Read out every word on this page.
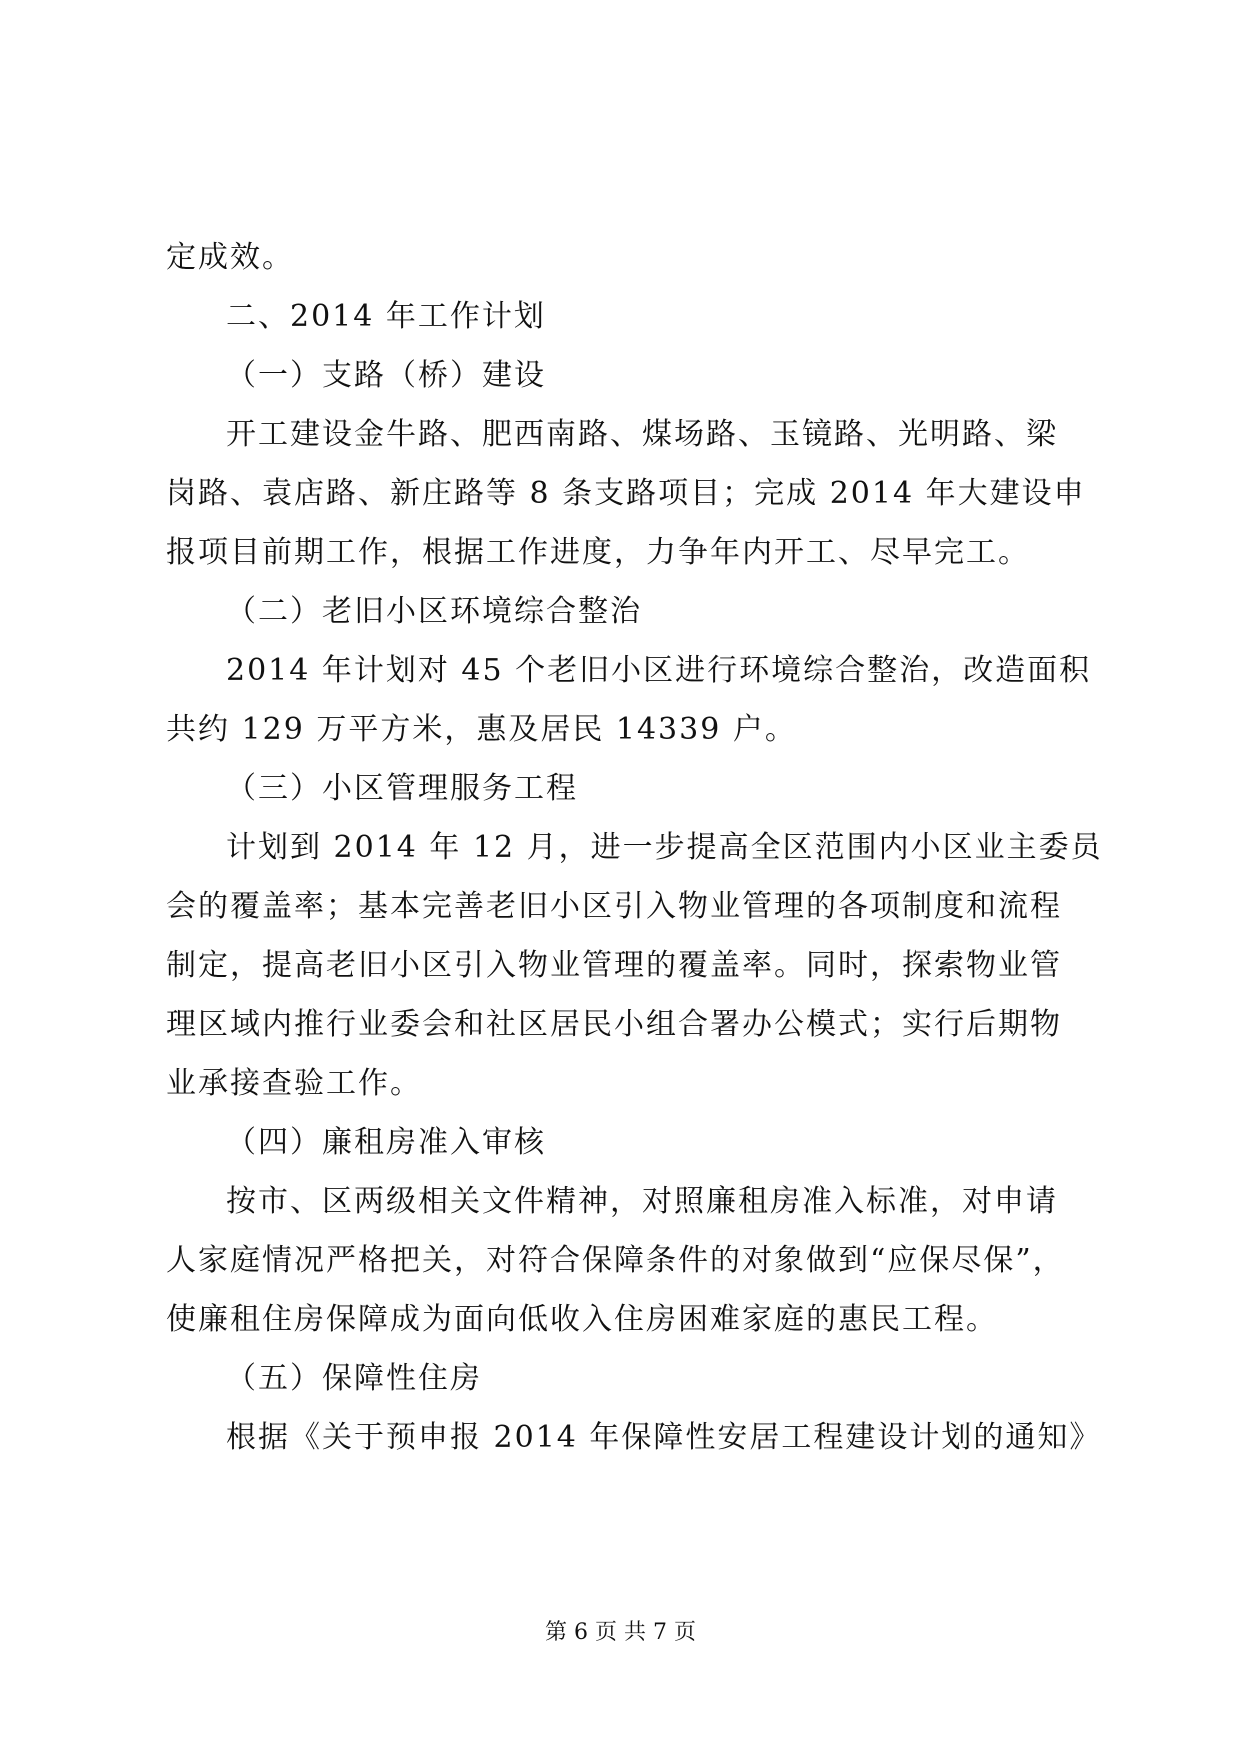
定成效。
二、2014 年工作计划
（一）支路（桥）建设
开工建设金牛路、肥西南路、煤场路、玉镜路、光明路、梁
岗路、袁店路、新庄路等 8 条支路项目；完成 2014 年大建设申
报项目前期工作，根据工作进度，力争年内开工、尽早完工。
（二）老旧小区环境综合整治
2014 年计划对 45 个老旧小区进行环境综合整治，改造面积
共约 129 万平方米，惠及居民 14339 户。
（三）小区管理服务工程
计划到 2014 年 12 月，进一步提高全区范围内小区业主委员
会的覆盖率；基本完善老旧小区引入物业管理的各项制度和流程
制定，提高老旧小区引入物业管理的覆盖率。同时，探索物业管
理区域内推行业委会和社区居民小组合署办公模式；实行后期物
业承接查验工作。
（四）廉租房准入审核
按市、区两级相关文件精神，对照廉租房准入标准，对申请
人家庭情况严格把关，对符合保障条件的对象做到“应保尽保”，
使廉租住房保障成为面向低收入住房困难家庭的惠民工程。
（五）保障性住房
根据《关于预申报 2014 年保障性安居工程建设计划的通知》
第 6 页 共 7 页
